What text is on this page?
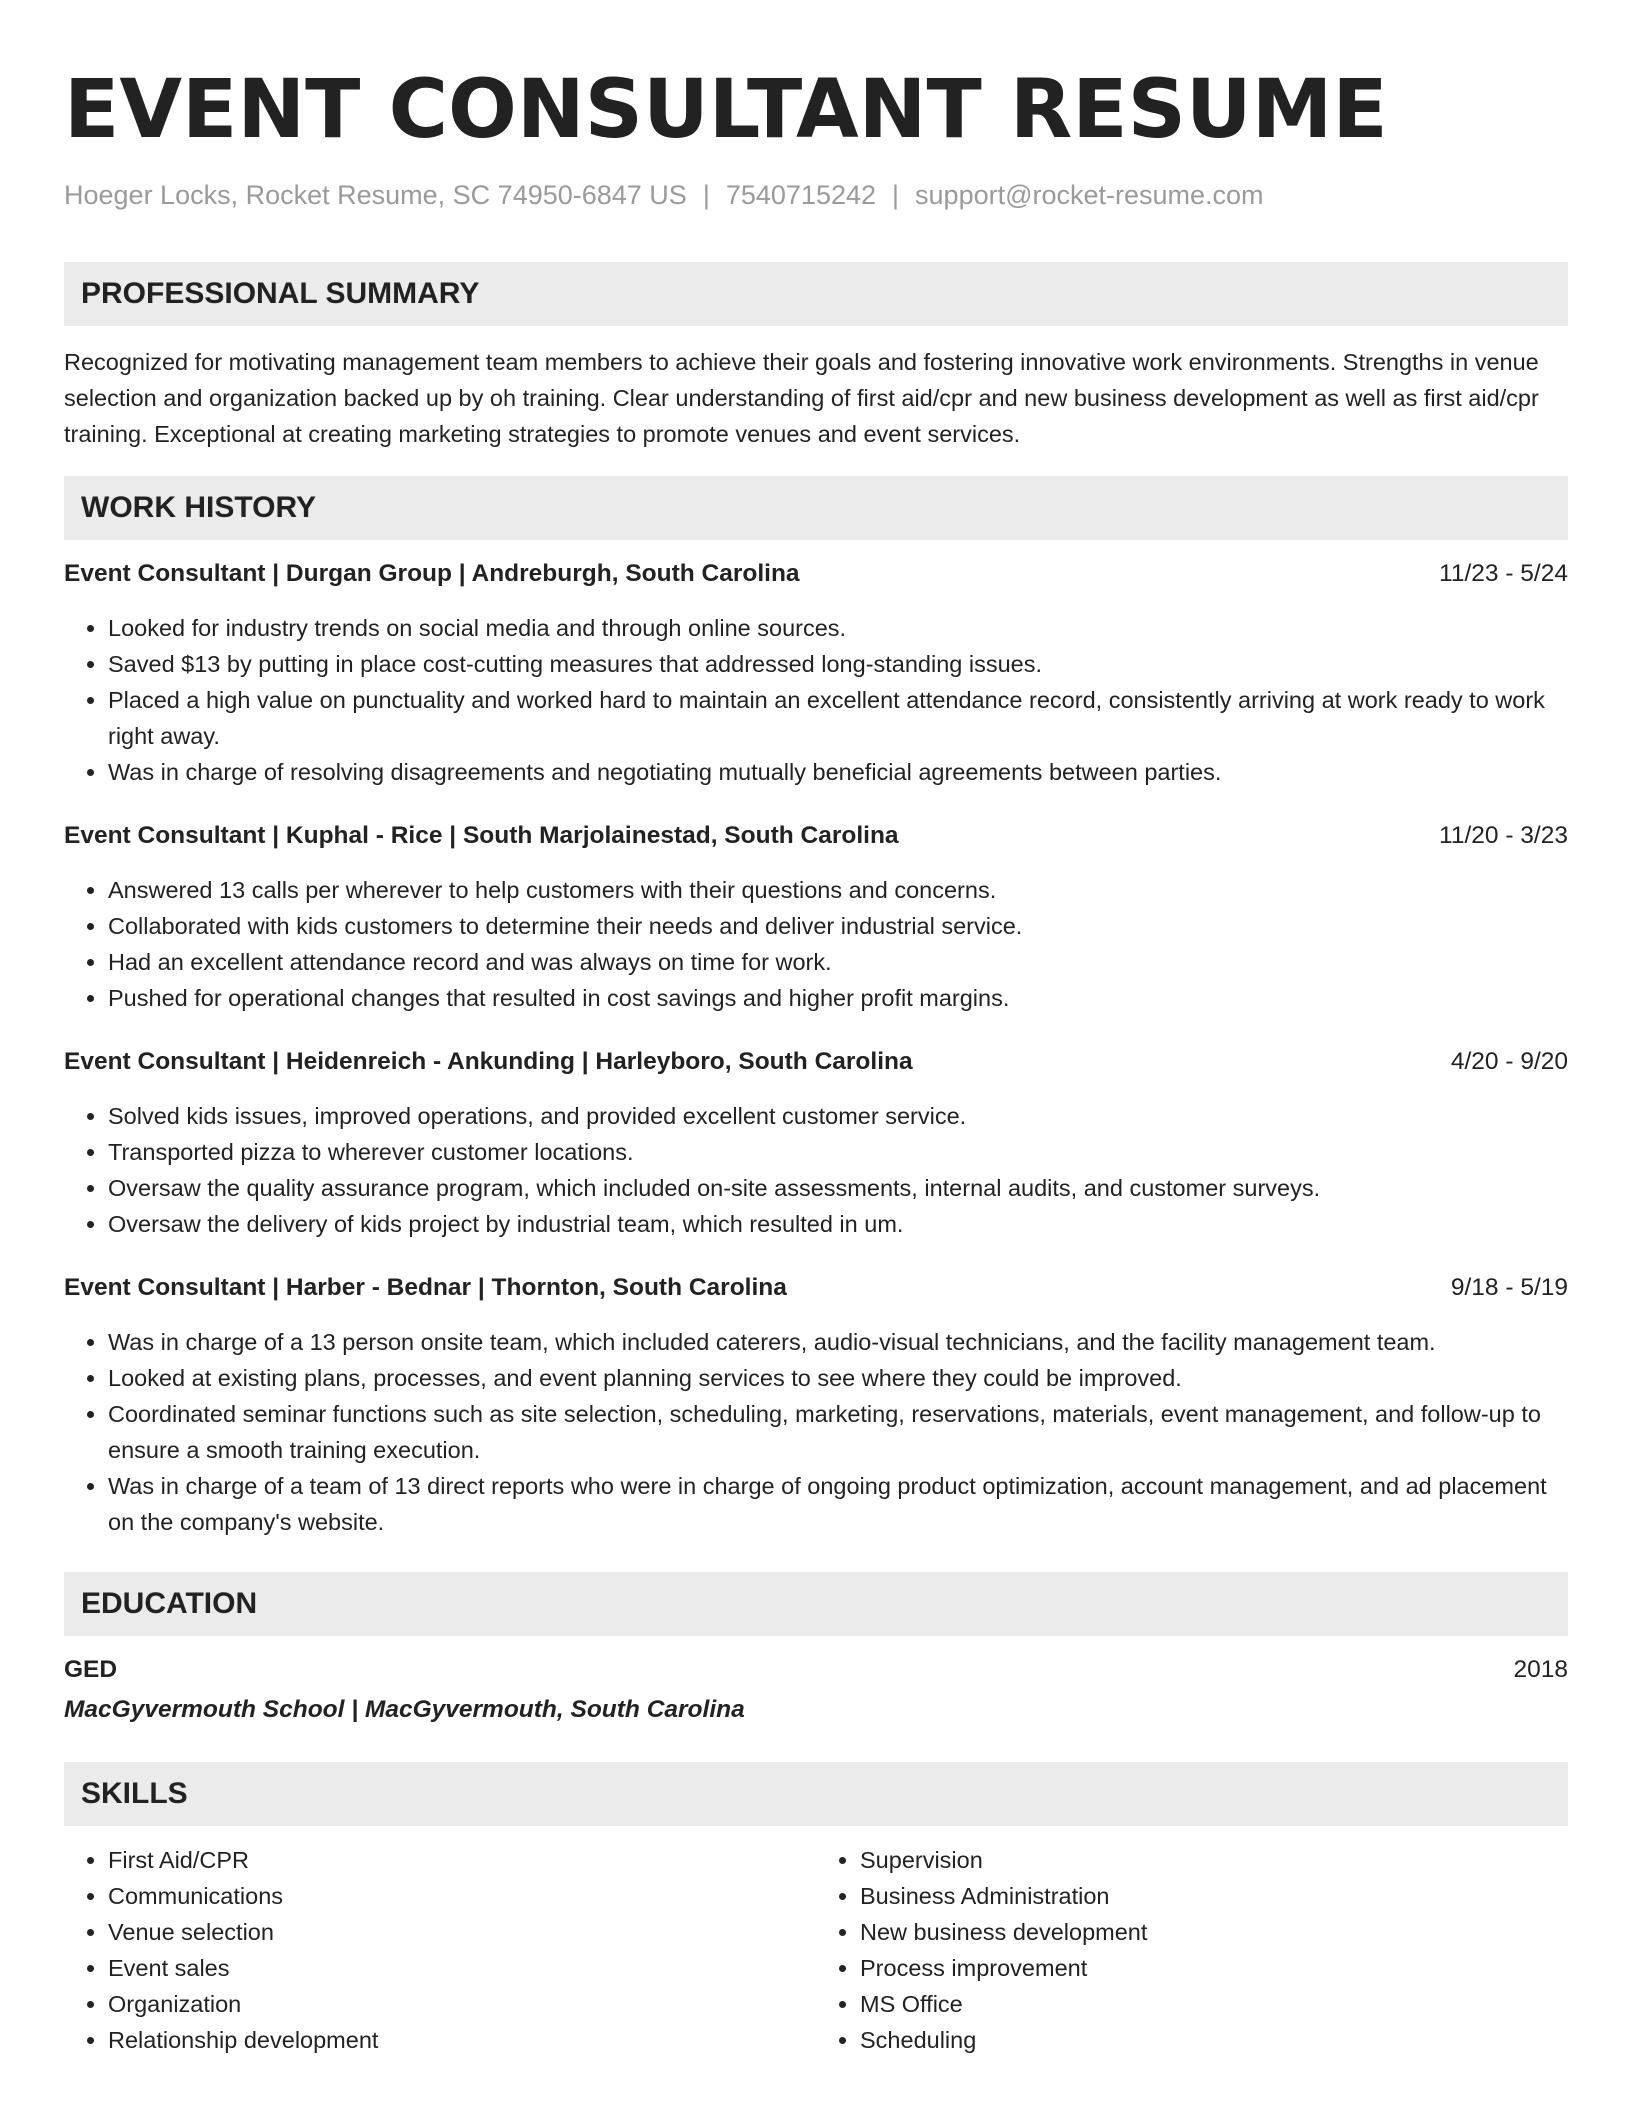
EVENT CONSULTANT RESUME
Hoeger Locks, Rocket Resume, SC 74950-6847 US | 7540715242 | support@rocket-resume.com
PROFESSIONAL SUMMARY

Recognized for motivating management team members to achieve their goals and fostering innovative work environments. Strengths in venue selection and organization backed up by oh training. Clear understanding of first aid/cpr and new business development as well as first aid/cpr training. Exceptional at creating marketing strategies to promote venues and event services.

WORK HISTORY
Event Consultant | Durgan Group | Andreburgh, South Carolina	11/23 - 5/24
• Looked for industry trends on social media and through online sources.
• Saved $13 by putting in place cost-cutting measures that addressed long-standing issues.
• Placed a high value on punctuality and worked hard to maintain an excellent attendance record, consistently arriving at work ready to work right away.
• Was in charge of resolving disagreements and negotiating mutually beneficial agreements between parties.
Event Consultant | Kuphal - Rice | South Marjolainestad, South Carolina	11/20 - 3/23
• Answered 13 calls per wherever to help customers with their questions and concerns.
• Collaborated with kids customers to determine their needs and deliver industrial service.
• Had an excellent attendance record and was always on time for work.
• Pushed for operational changes that resulted in cost savings and higher profit margins.
Event Consultant | Heidenreich - Ankunding | Harleyboro, South Carolina	4/20 - 9/20
• Solved kids issues, improved operations, and provided excellent customer service.
• Transported pizza to wherever customer locations.
• Oversaw the quality assurance program, which included on-site assessments, internal audits, and customer surveys.
• Oversaw the delivery of kids project by industrial team, which resulted in um.
Event Consultant | Harber - Bednar | Thornton, South Carolina	9/18 - 5/19
• Was in charge of a 13 person onsite team, which included caterers, audio-visual technicians, and the facility management team.
• Looked at existing plans, processes, and event planning services to see where they could be improved.
• Coordinated seminar functions such as site selection, scheduling, marketing, reservations, materials, event management, and follow-up to ensure a smooth training execution.
• Was in charge of a team of 13 direct reports who were in charge of ongoing product optimization, account management, and ad placement on the company's website.
EDUCATION
GED	2018
MacGyvermouth School | MacGyvermouth, South Carolina
SKILLS
• First Aid/CPR
• Communications
• Venue selection
• Event sales
• Organization
• Relationship development
• Supervision
• Business Administration
• New business development
• Process improvement
• MS Office
• Scheduling
